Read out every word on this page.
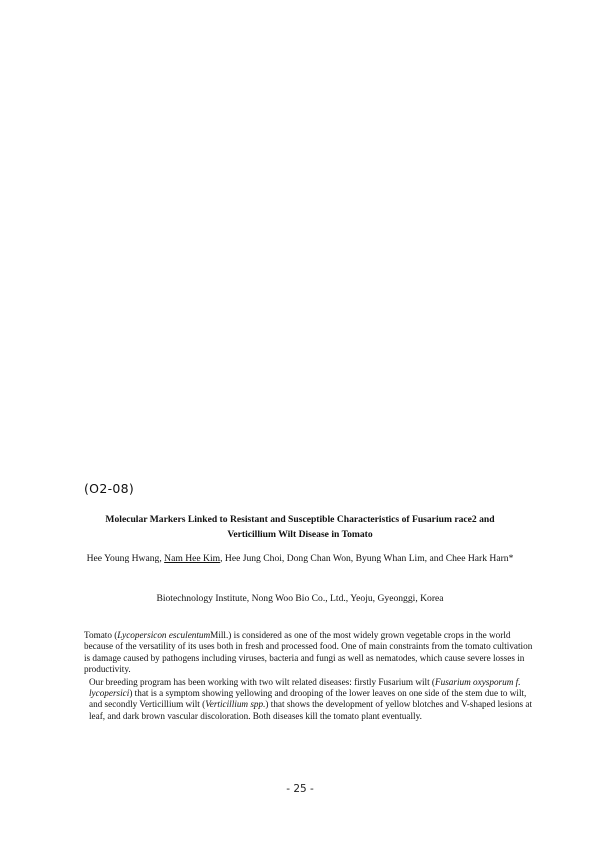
(O2-08)
Molecular Markers Linked to Resistant and Susceptible Characteristics of Fusarium race2 and Verticillium Wilt Disease in Tomato
Hee Young Hwang, Nam Hee Kim, Hee Jung Choi, Dong Chan Won, Byung Whan Lim, and Chee Hark Harn*
Biotechnology Institute, Nong Woo Bio Co., Ltd., Yeoju, Gyeonggi, Korea

Tomato (Lycopersicon esculentumMill.) is considered as one of the most widely grown vegetable crops in the world because of the versatility of its uses both in fresh and processed food. One of main constraints from the tomato cultivation is damage caused by pathogens including viruses, bacteria and fungi as well as nematodes, which cause severe losses in productivity.

Our breeding program has been working with two wilt related diseases: firstly Fusarium wilt (Fusarium oxysporum f. lycopersici) that is a symptom showing yellowing and drooping of the lower leaves on one side of the stem due to wilt, and secondly Verticillium wilt (Verticillium spp.) that shows the development of yellow blotches and V-shaped lesions at leaf, and dark brown vascular discoloration. Both diseases kill the tomato plant eventually.

- 25 -
